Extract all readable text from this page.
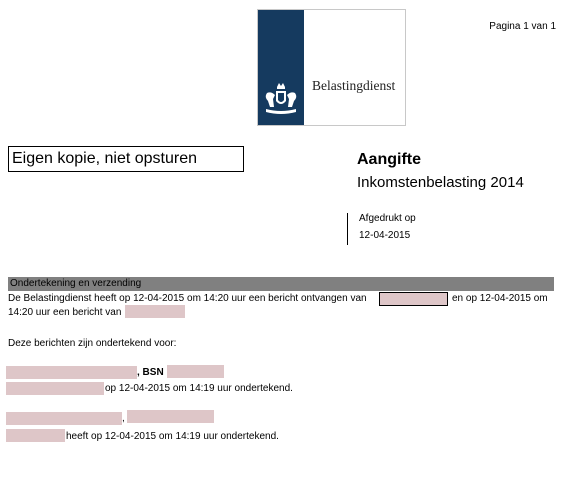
Belastingdienst
Pagina 1 van 1
Eigen kopie, niet opsturen	Aangifte
Inkomstenbelasting 2014
Afgedrukt op
12-04-2015
Ondertekening en verzending
De Belastingdienst heeft op 12-04-2015 om 14:20 uur een bericht ontvangen van	en op 12-04-2015 om
14:20 uur een bericht van
Deze berichten zijn ondertekend voor:
, BSN
op 12-04-2015 om 14:19 uur ondertekend.
,
heeft op 12-04-2015 om 14:19 uur ondertekend.
